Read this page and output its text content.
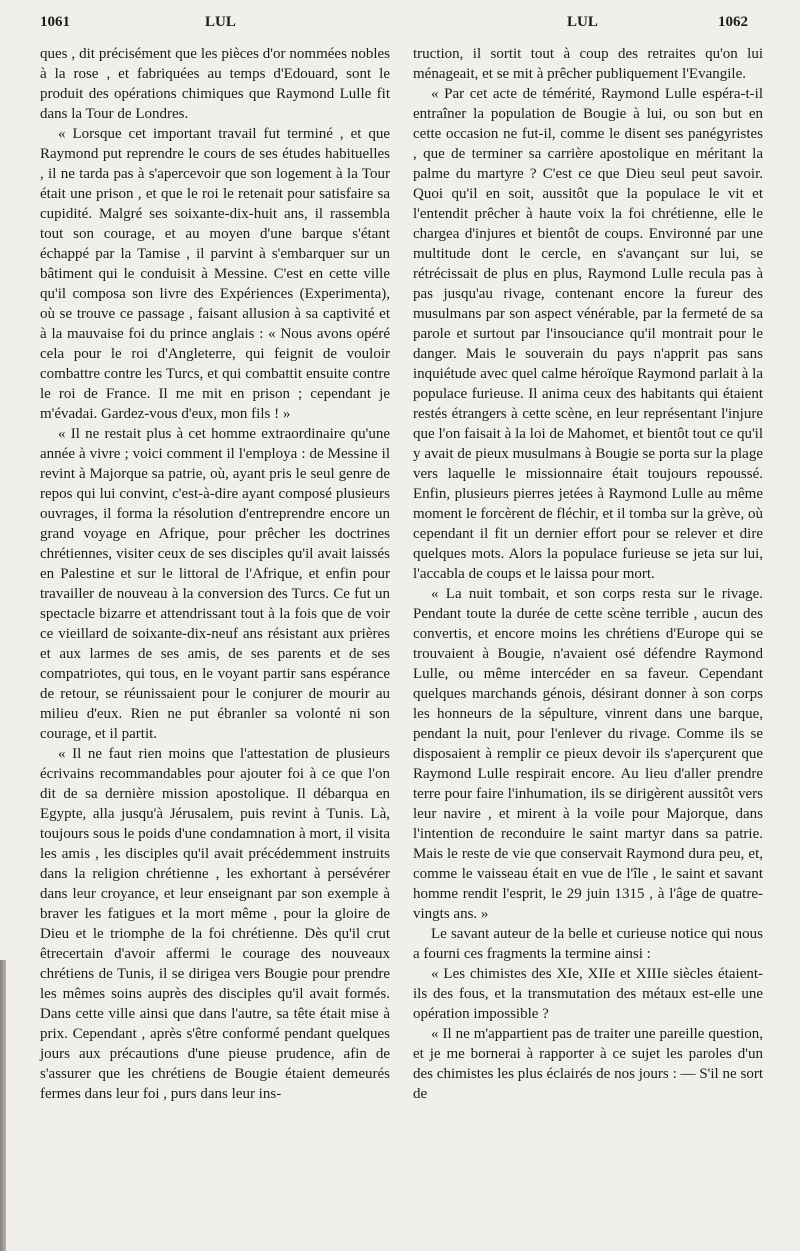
1061	LUL	LUL	1062

ques , dit précisément que les pièces d'or nommées nobles à la rose , et fabriquées au temps d'Edouard, sont le produit des opérations chimiques que Raymond Lulle fit dans la Tour de Londres.

« Lorsque cet important travail fut terminé , et que Raymond put reprendre le cours de ses études habituelles , il ne tarda pas à s'apercevoir que son logement à la Tour était une prison , et que le roi le retenait pour satisfaire sa cupidité. Malgré ses soixante-dix-huit ans, il rassembla tout son courage, et au moyen d'une barque s'étant échappé par la Tamise , il parvint à s'embarquer sur un bâtiment qui le conduisit à Messine. C'est en cette ville qu'il composa son livre des Expériences (Experimenta), où se trouve ce passage , faisant allusion à sa captivité et à la mauvaise foi du prince anglais : « Nous avons opéré cela pour le roi d'Angleterre, qui feignit de vouloir combattre contre les Turcs, et qui combattit ensuite contre le roi de France. Il me mit en prison ; cependant je m'évadai. Gardez-vous d'eux, mon fils ! »

« Il ne restait plus à cet homme extraordinaire qu'une année à vivre ; voici comment il l'employa : de Messine il revint à Majorque sa patrie, où, ayant pris le seul genre de repos qui lui convint, c'est-à-dire ayant composé plusieurs ouvrages, il forma la résolution d'entreprendre encore un grand voyage en Afrique, pour prêcher les doctrines chrétiennes, visiter ceux de ses disciples qu'il avait laissés en Palestine et sur le littoral de l'Afrique, et enfin pour travailler de nouveau à la conversion des Turcs. Ce fut un spectacle bizarre et attendrissant tout à la fois que de voir ce vieillard de soixante-dix-neuf ans résistant aux prières et aux larmes de ses amis, de ses parents et de ses compatriotes, qui tous, en le voyant partir sans espérance de retour, se réunissaient pour le conjurer de mourir au milieu d'eux. Rien ne put ébranler sa volonté ni son courage, et il partit.

« Il ne faut rien moins que l'attestation de plusieurs écrivains recommandables pour ajouter foi à ce que l'on dit de sa dernière mission apostolique. Il débarqua en Egypte, alla jusqu'à Jérusalem, puis revint à Tunis. Là, toujours sous le poids d'une condamnation à mort, il visita les amis , les disciples qu'il avait précédemment instruits dans la religion chrétienne , les exhortant à persévérer dans leur croyance, et leur enseignant par son exemple à braver les fatigues et la mort même , pour la gloire de Dieu et le triomphe de la foi chrétienne. Dès qu'il crut êtrecertain d'avoir affermi le courage des nouveaux chrétiens de Tunis, il se dirigea vers Bougie pour prendre les mêmes soins auprès des disciples qu'il avait formés. Dans cette ville ainsi que dans l'autre, sa tête était mise à prix. Cependant , après s'être conformé pendant quelques jours aux précautions d'une pieuse prudence, afin de s'assurer que les chrétiens de Bougie étaient demeurés fermes dans leur foi , purs dans leur ins-

truction, il sortit tout à coup des retraites qu'on lui ménageait, et se mit à prêcher publiquement l'Evangile.

« Par cet acte de témérité, Raymond Lulle espéra-t-il entraîner la population de Bougie à lui, ou son but en cette occasion ne fut-il, comme le disent ses panégyristes , que de terminer sa carrière apostolique en méritant la palme du martyre ? C'est ce que Dieu seul peut savoir. Quoi qu'il en soit, aussitôt que la populace le vit et l'entendit prêcher à haute voix la foi chrétienne, elle le chargea d'injures et bientôt de coups. Environné par une multitude dont le cercle, en s'avançant sur lui, se rétrécissait de plus en plus, Raymond Lulle recula pas à pas jusqu'au rivage, contenant encore la fureur des musulmans par son aspect vénérable, par la fermeté de sa parole et surtout par l'insouciance qu'il montrait pour le danger. Mais le souverain du pays n'apprit pas sans inquiétude avec quel calme héroïque Raymond parlait à la populace furieuse. Il anima ceux des habitants qui étaient restés étrangers à cette scène, en leur représentant l'injure que l'on faisait à la loi de Mahomet, et bientôt tout ce qu'il y avait de pieux musulmans à Bougie se porta sur la plage vers laquelle le missionnaire était toujours repoussé. Enfin, plusieurs pierres jetées à Raymond Lulle au même moment le forcèrent de fléchir, et il tomba sur la grève, où cependant il fit un dernier effort pour se relever et dire quelques mots. Alors la populace furieuse se jeta sur lui, l'accabla de coups et le laissa pour mort.

« La nuit tombait, et son corps resta sur le rivage. Pendant toute la durée de cette scène terrible , aucun des convertis, et encore moins les chrétiens d'Europe qui se trouvaient à Bougie, n'avaient osé défendre Raymond Lulle, ou même intercéder en sa faveur. Cependant quelques marchands génois, désirant donner à son corps les honneurs de la sépulture, vinrent dans une barque, pendant la nuit, pour l'enlever du rivage. Comme ils se disposaient à remplir ce pieux devoir ils s'aperçurent que Raymond Lulle respirait encore. Au lieu d'aller prendre terre pour faire l'inhumation, ils se dirigèrent aussitôt vers leur navire , et mirent à la voile pour Majorque, dans l'intention de reconduire le saint martyr dans sa patrie. Mais le reste de vie que conservait Raymond dura peu, et, comme le vaisseau était en vue de l'île , le saint et savant homme rendit l'esprit, le 29 juin 1315 , à l'âge de quatre-vingts ans. »

Le savant auteur de la belle et curieuse notice qui nous a fourni ces fragments la termine ainsi :

« Les chimistes des XIe, XIIe et XIIIe siècles étaient-ils des fous, et la transmutation des métaux est-elle une opération impossible ?

« Il ne m'appartient pas de traiter une pareille question, et je me bornerai à rapporter à ce sujet les paroles d'un des chimistes les plus éclairés de nos jours : — S'il ne sort de
